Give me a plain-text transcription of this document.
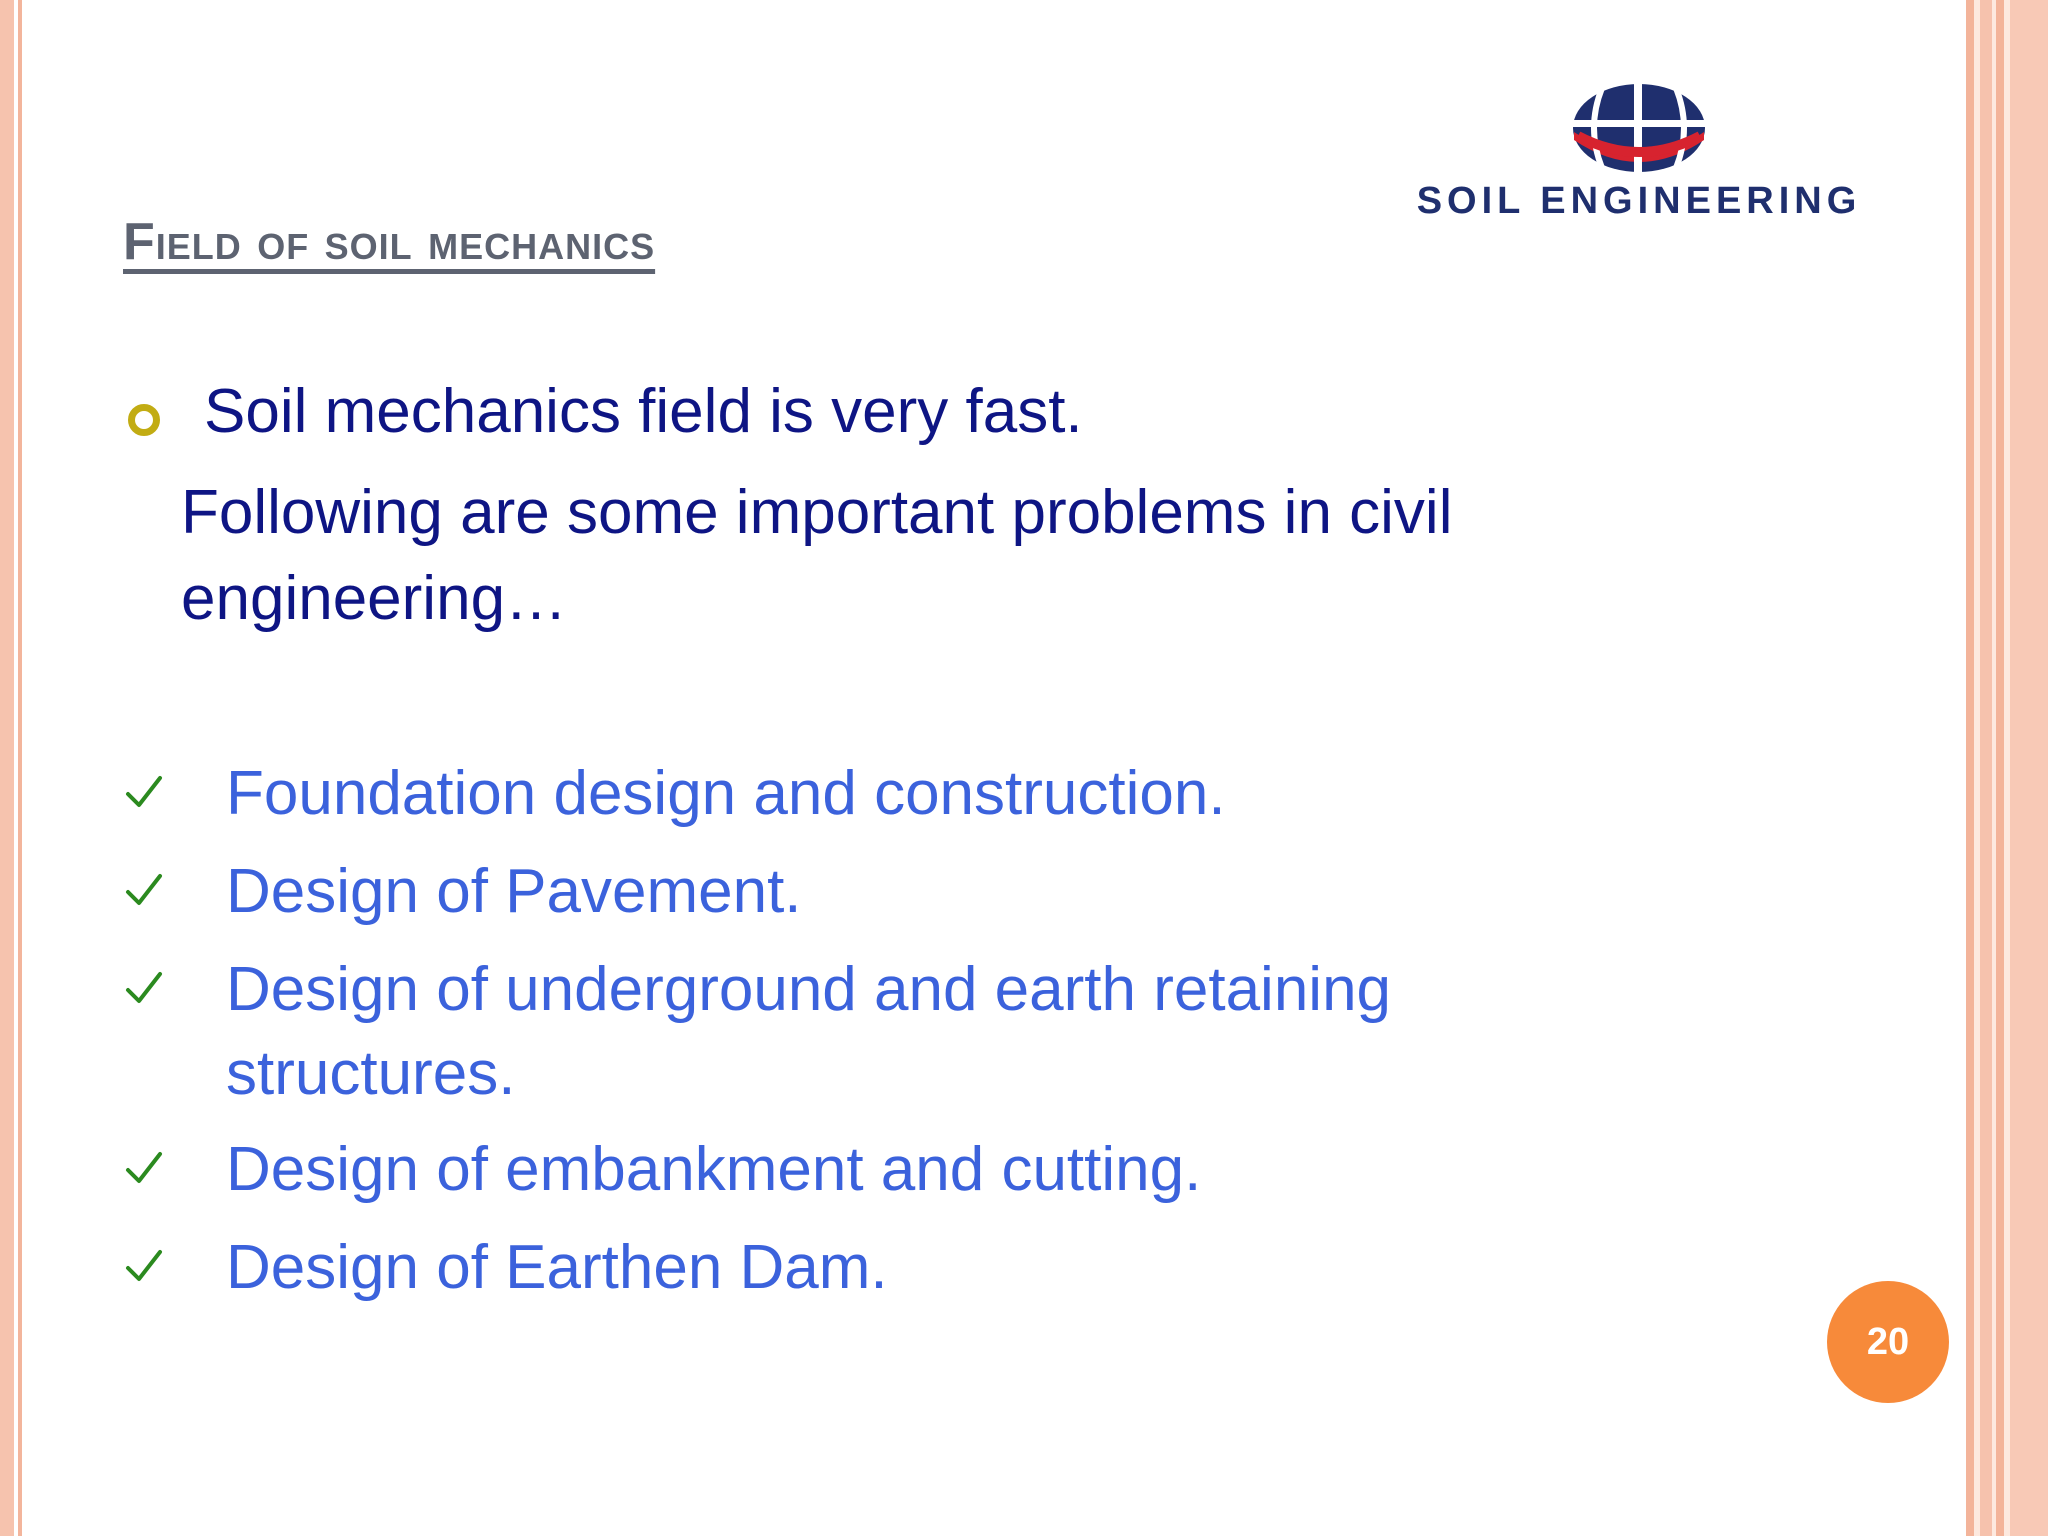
Field of soil mechanics
SOIL ENGINEERING
Soil mechanics field is very fast.
Following are some important problems in civil engineering…
Foundation design and construction.
Design of Pavement.
Design of underground and earth retaining structures.
Design of embankment and cutting.
Design of Earthen Dam.
20
